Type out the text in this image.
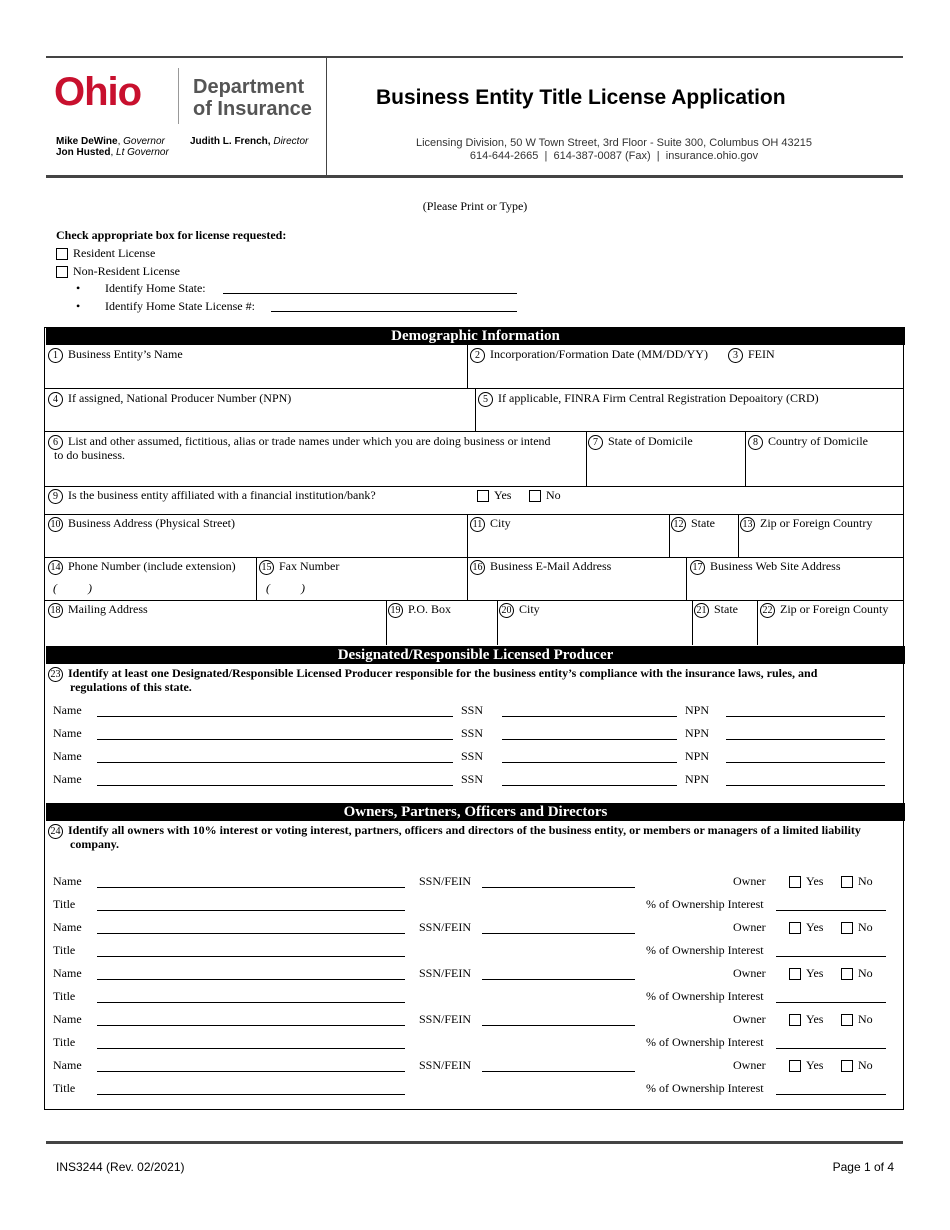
Ohio	Department
of Insurance
Mike DeWine, Governor
Jon Husted, Lt Governor
Judith L. French, Director
Business Entity Title License Application
Licensing Division, 50 W Town Street, 3rd Floor - Suite 300, Columbus OH 43215
614-644-2665  |  614-387-0087 (Fax)  |  insurance.ohio.gov
(Please Print or Type)
Check appropriate box for license requested:
Resident License
Non-Resident License
• Identify Home State:
• Identify Home State License #:
Demographic Information
1 Business Entity’s Name	2 Incorporation/Formation Date (MM/DD/YY)	3 FEIN
4 If assigned, National Producer Number (NPN)	5 If applicable, FINRA Firm Central Registration Depoaitory (CRD)
6 List and other assumed, fictitious, alias or trade names under which you are doing business or intend
to do business.
7 State of Domicile	8 Country of Domicile
9 Is the business entity affiliated with a financial institution/bank?	Yes	No
10 Business Address (Physical Street)	11 City	12 State	13 Zip or Foreign Country
14 Phone Number (include extension)	15 Fax Number	16 Business E-Mail Address	17 Business Web Site Address
(	)	(	)
18 Mailing Address	19 P.O. Box	20 City	21 State 22 Zip or Foreign County
Designated/Responsible Licensed Producer
23 Identify at least one Designated/Responsible Licensed Producer responsible for the business entity’s compliance with the insurance laws, rules, and
regulations of this state.
Name	SSN	NPN
Name	SSN	NPN
Name	SSN	NPN
Name	SSN	NPN
Owners, Partners, Officers and Directors
24 Identify all owners with 10% interest or voting interest, partners, officers and directors of the business entity, or members or managers of a limited liability
company.
Name	SSN/FEIN	Owner	Yes	No
Title	% of Ownership Interest
Name	SSN/FEIN	Owner	Yes	No
Title	% of Ownership Interest
Name	SSN/FEIN	Owner	Yes	No
Title	% of Ownership Interest
Name	SSN/FEIN	Owner	Yes	No
Title	% of Ownership Interest
Name	SSN/FEIN	Owner	Yes	No
Title	% of Ownership Interest
INS3244 (Rev. 02/2021)	Page 1 of 4
